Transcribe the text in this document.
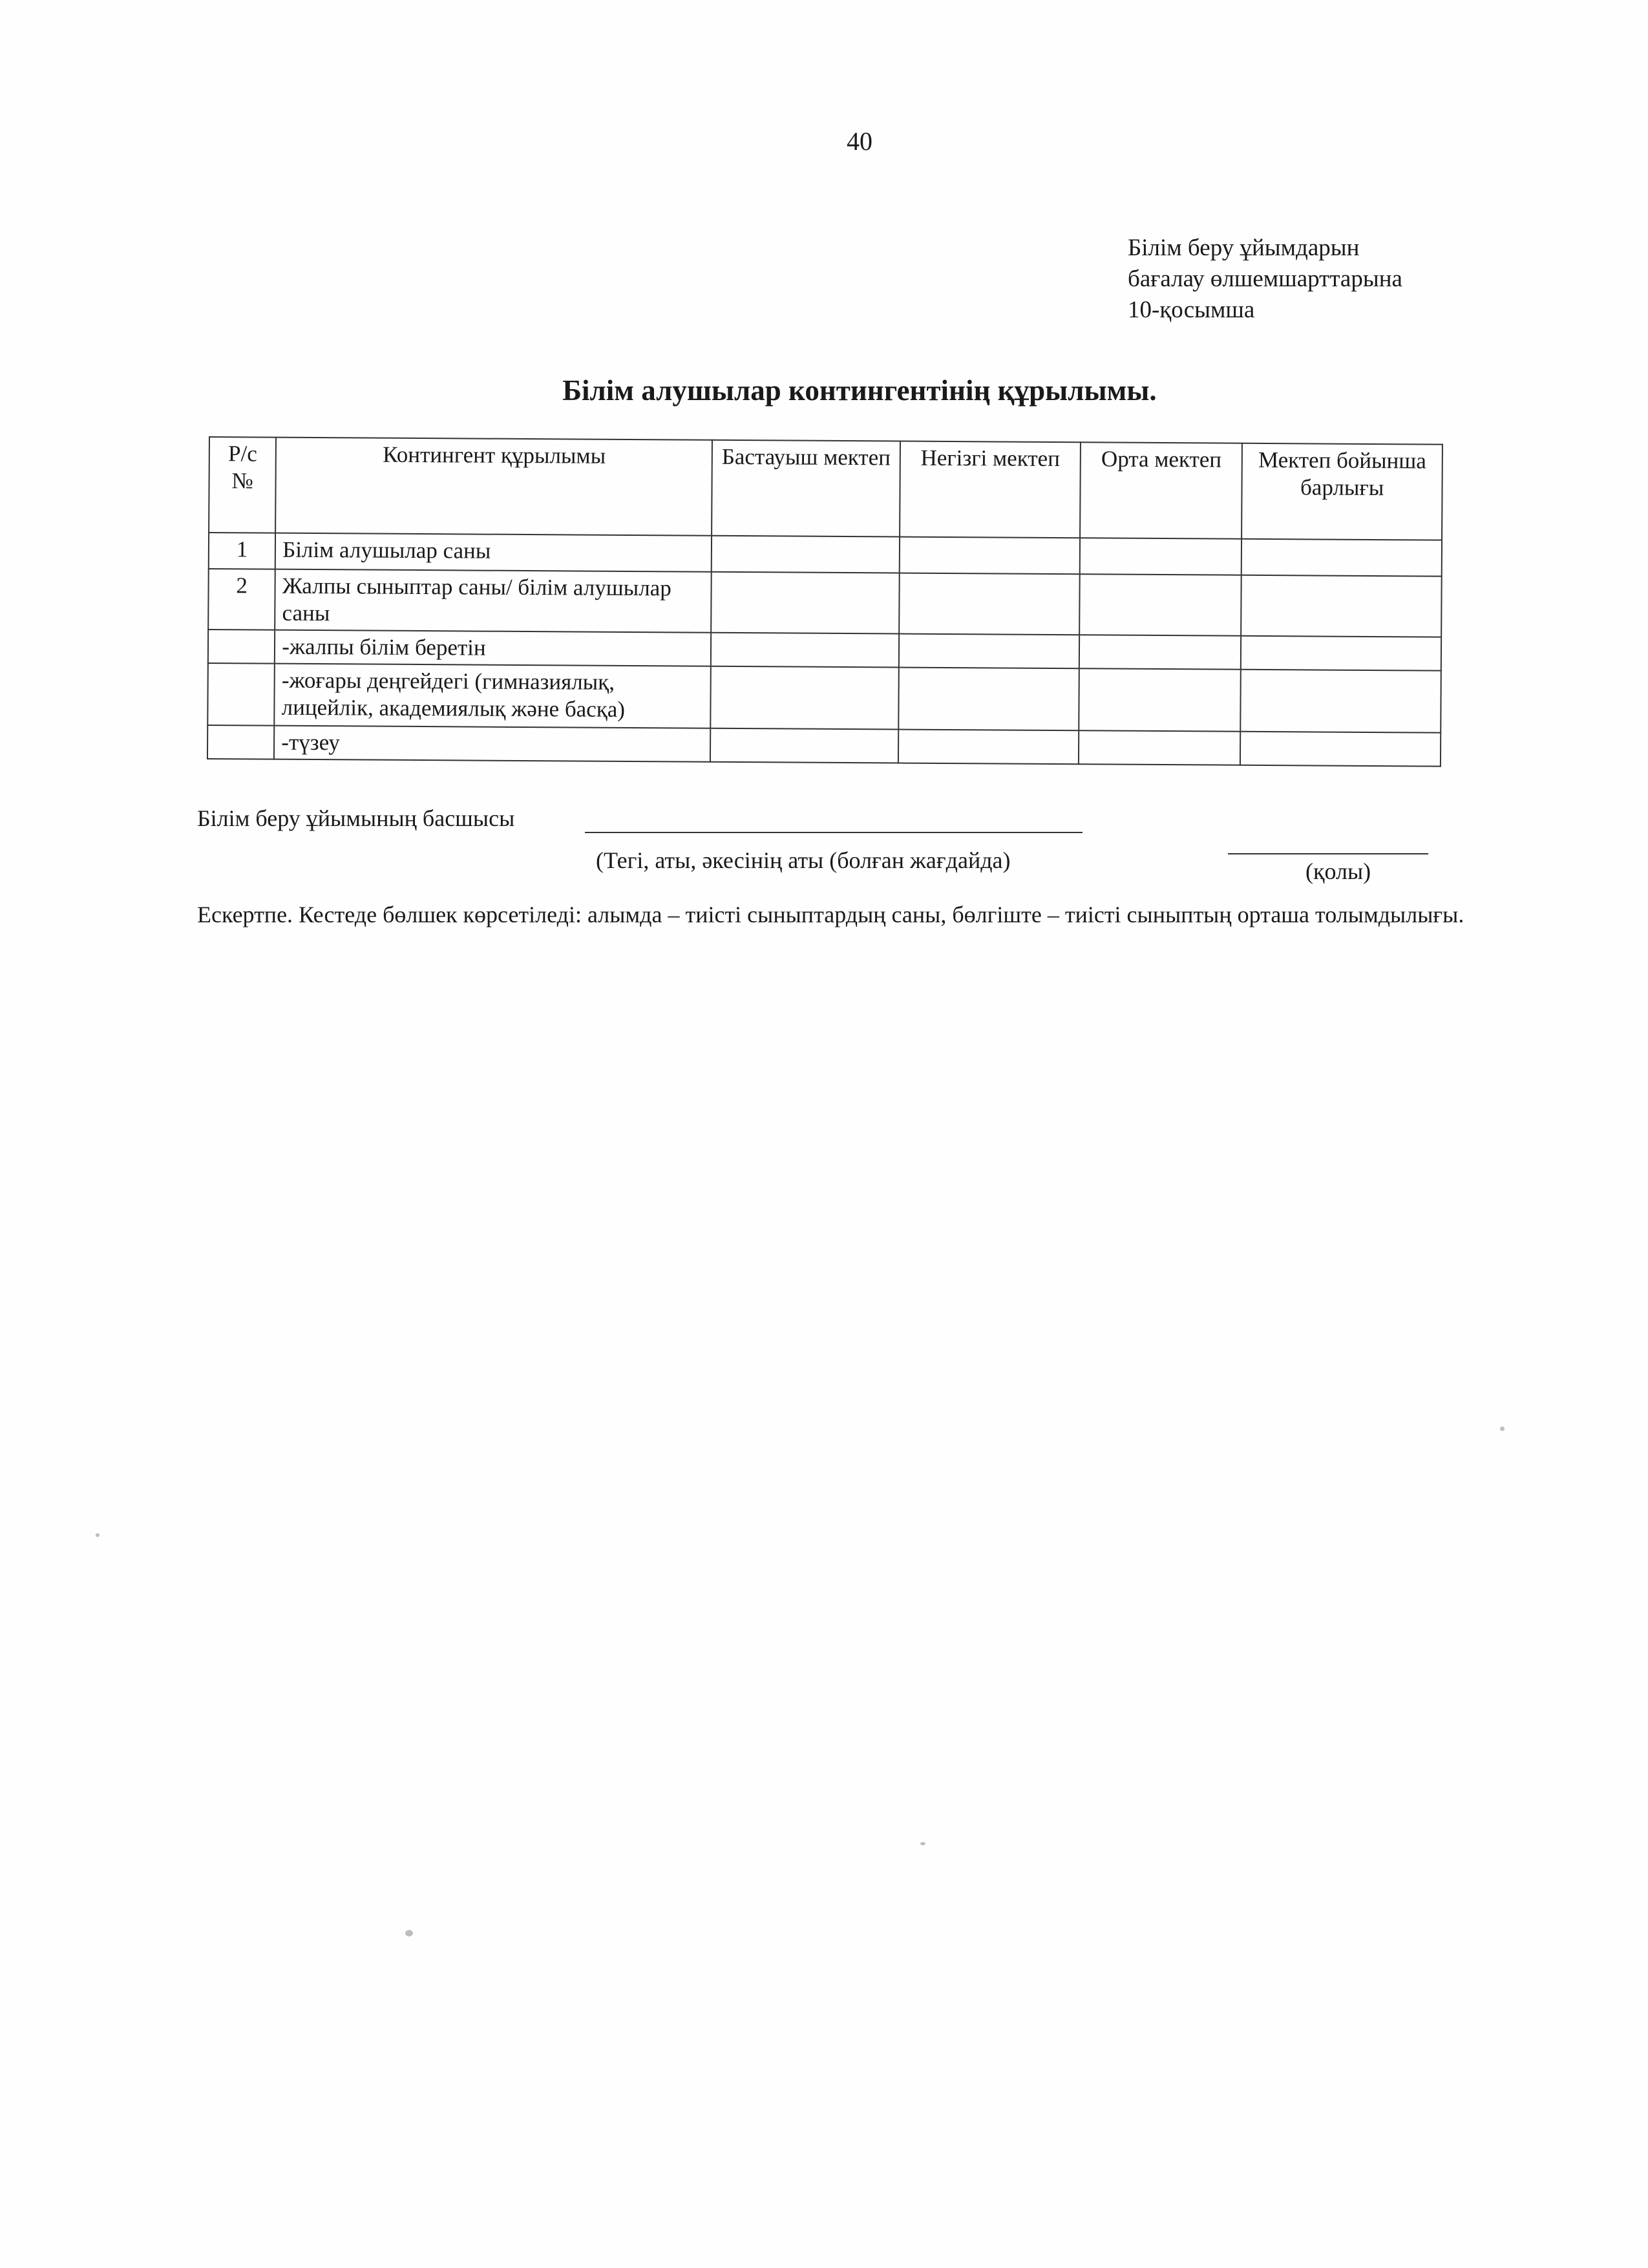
40
Білім беру ұйымдарын
бағалау өлшемшарттарына
10-қосымша
Білім алушылар контингентінің құрылымы.
Р/с №	Контингент құрылымы	Бастауыш мектеп	Негізгі мектеп	Орта мектеп	Мектеп бойынша барлығы
1	Білім алушылар саны				
2	Жалпы сыныптар саны/ білім алушылар саны				
	-жалпы білім беретін				
	-жоғары деңгейдегі (гимназиялық, лицейлік, академиялық және басқа)				
	-түзеу				
Білім беру ұйымының басшысы
(Тегі, аты, әкесінің аты (болған жағдайда)	(қолы)
Ескертпе. Кестеде бөлшек көрсетіледі: алымда – тиісті сыныптардың саны, бөлгіште – тиісті сыныптың орташа толымдылығы.
